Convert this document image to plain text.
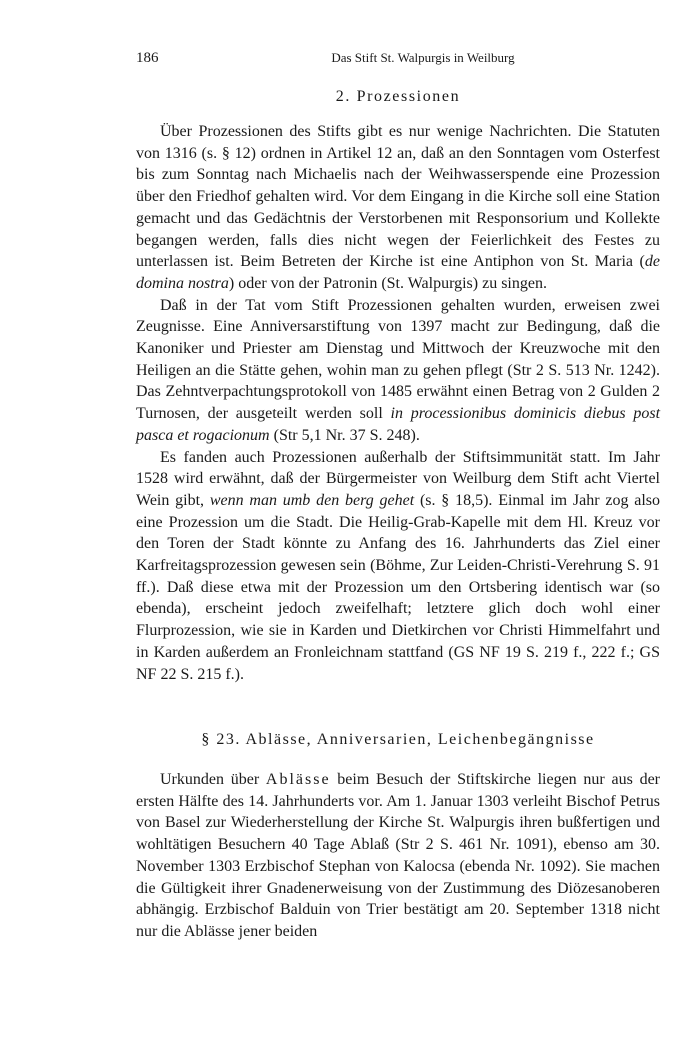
186	Das Stift St. Walpurgis in Weilburg
2. Prozessionen

Über Prozessionen des Stifts gibt es nur wenige Nachrichten. Die Statuten von 1316 (s. § 12) ordnen in Artikel 12 an, daß an den Sonntagen vom Osterfest bis zum Sonntag nach Michaelis nach der Weihwasserspende eine Prozession über den Friedhof gehalten wird. Vor dem Eingang in die Kirche soll eine Station gemacht und das Gedächtnis der Verstorbenen mit Responsorium und Kollekte begangen werden, falls dies nicht wegen der Feierlichkeit des Festes zu unterlassen ist. Beim Betreten der Kirche ist eine Antiphon von St. Maria (de domina nostra) oder von der Patronin (St. Walpurgis) zu singen.

Daß in der Tat vom Stift Prozessionen gehalten wurden, erweisen zwei Zeugnisse. Eine Anniversarstiftung von 1397 macht zur Bedingung, daß die Kanoniker und Priester am Dienstag und Mittwoch der Kreuzwoche mit den Heiligen an die Stätte gehen, wohin man zu gehen pflegt (Str 2 S. 513 Nr. 1242). Das Zehntverpachtungsprotokoll von 1485 erwähnt einen Betrag von 2 Gulden 2 Turnosen, der ausgeteilt werden soll in processionibus dominicis diebus post pasca et rogacionum (Str 5,1 Nr. 37 S. 248).

Es fanden auch Prozessionen außerhalb der Stiftsimmunität statt. Im Jahr 1528 wird erwähnt, daß der Bürgermeister von Weilburg dem Stift acht Viertel Wein gibt, wenn man umb den berg gehet (s. § 18,5). Einmal im Jahr zog also eine Prozession um die Stadt. Die Heilig-Grab-Kapelle mit dem Hl. Kreuz vor den Toren der Stadt könnte zu Anfang des 16. Jahrhunderts das Ziel einer Karfreitagsprozession gewesen sein (Böhme, Zur Leiden-Christi-Verehrung S. 91 ff.). Daß diese etwa mit der Prozession um den Ortsbering identisch war (so ebenda), erscheint jedoch zweifelhaft; letztere glich doch wohl einer Flurprozession, wie sie in Karden und Dietkirchen vor Christi Himmelfahrt und in Karden außerdem an Fronleichnam stattfand (GS NF 19 S. 219 f., 222 f.; GS NF 22 S. 215 f.).

§ 23. Ablässe, Anniversarien, Leichenbegängnisse

Urkunden über Ablässe beim Besuch der Stiftskirche liegen nur aus der ersten Hälfte des 14. Jahrhunderts vor. Am 1. Januar 1303 verleiht Bischof Petrus von Basel zur Wiederherstellung der Kirche St. Walpurgis ihren bußfertigen und wohltätigen Besuchern 40 Tage Ablaß (Str 2 S. 461 Nr. 1091), ebenso am 30. November 1303 Erzbischof Stephan von Kalocsa (ebenda Nr. 1092). Sie machen die Gültigkeit ihrer Gnadenerweisung von der Zustimmung des Diözesanoberen abhängig. Erzbischof Balduin von Trier bestätigt am 20. September 1318 nicht nur die Ablässe jener beiden
